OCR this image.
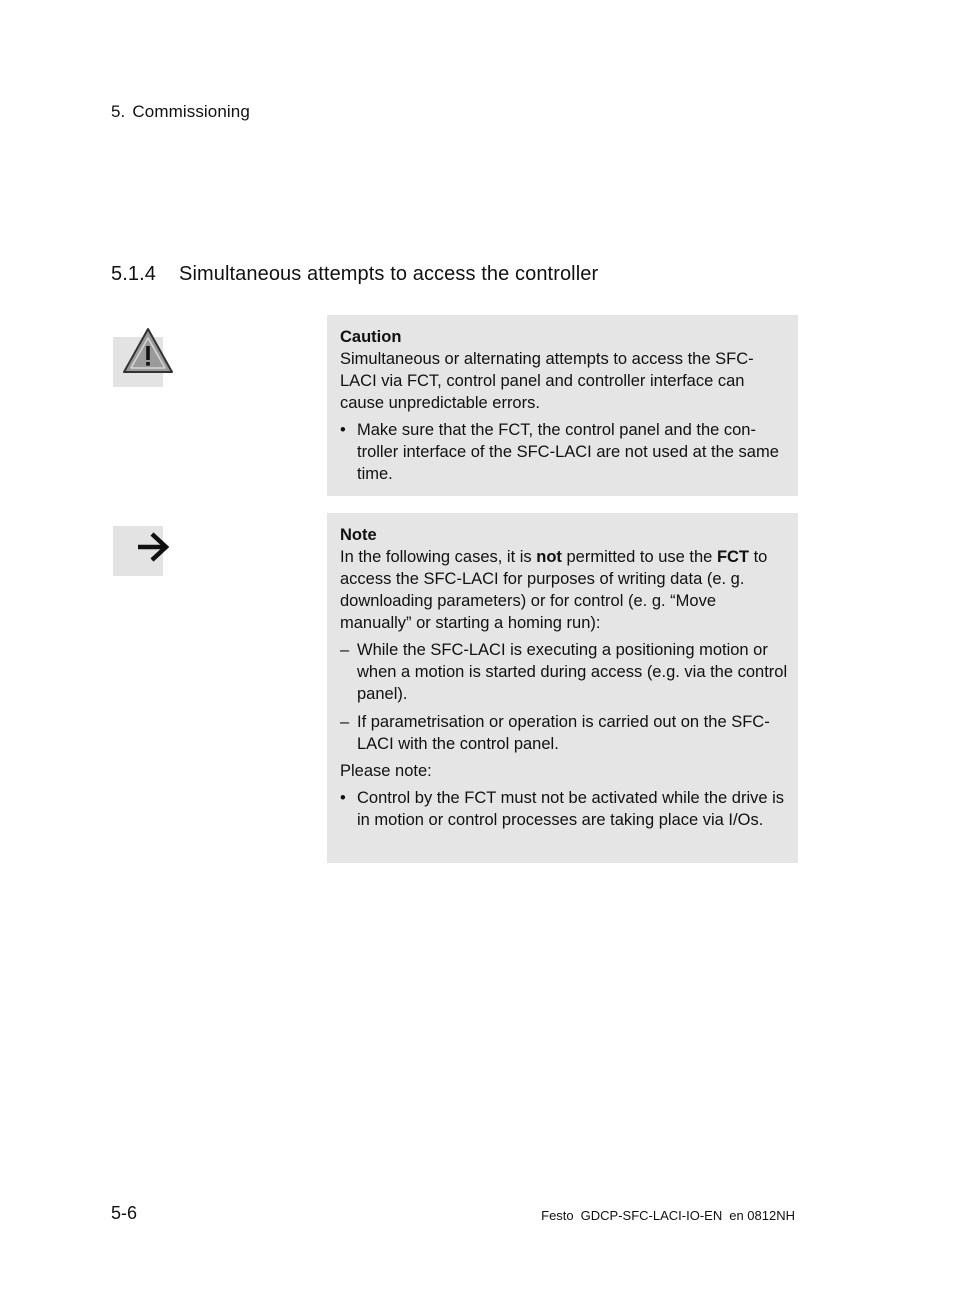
5. Commissioning
5.1.4 Simultaneous attempts to access the controller
Caution

Simultaneous or alternating attempts to access the SFC-LACI via FCT, control panel and controller interface can cause unpredictable errors.

• Make sure that the FCT, the control panel and the con-troller interface of the SFC-LACI are not used at the same time.
Note

In the following cases, it is not permitted to use the FCT to access the SFC-LACI for purposes of writing data (e. g. downloading parameters) or for control (e. g. “Move manually” or starting a homing run):

– While the SFC-LACI is executing a positioning motion or when a motion is started during access (e.g. via the control panel).
– If parametrisation or operation is carried out on the SFC-LACI with the control panel.

Please note:

• Control by the FCT must not be activated while the drive is in motion or control processes are taking place via I/Os.
5-6	Festo GDCP-SFC-LACI-IO-EN en 0812NH
